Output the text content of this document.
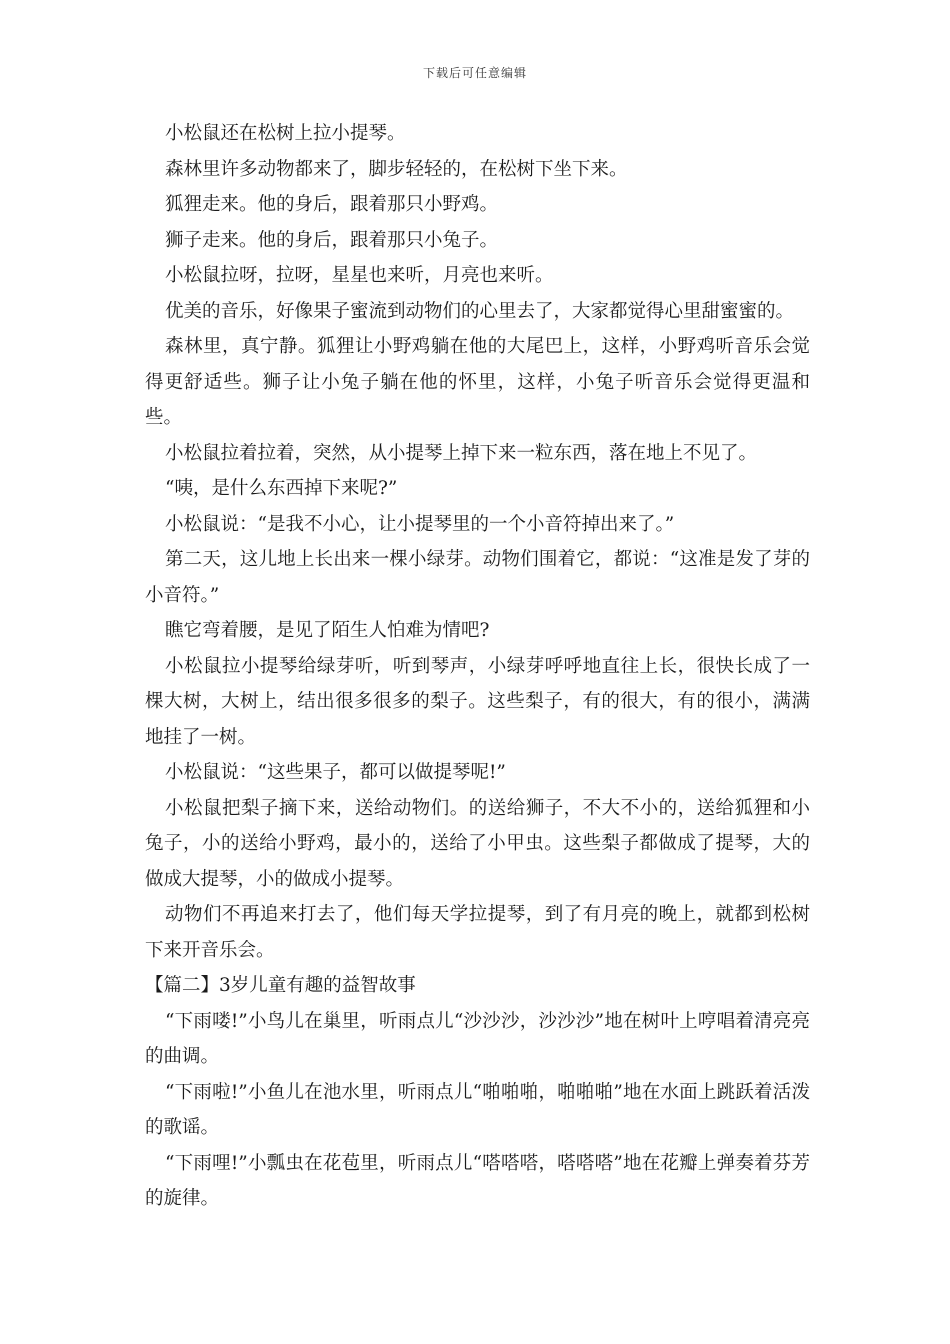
下载后可任意编辑

小松鼠还在松树上拉小提琴。

森林里许多动物都来了，脚步轻轻的，在松树下坐下来。

狐狸走来。他的身后，跟着那只小野鸡。

狮子走来。他的身后，跟着那只小兔子。

小松鼠拉呀，拉呀，星星也来听，月亮也来听。

优美的音乐，好像果子蜜流到动物们的心里去了，大家都觉得心里甜蜜蜜的。

森林里，真宁静。狐狸让小野鸡躺在他的大尾巴上，这样，小野鸡听音乐会觉得更舒适些。狮子让小兔子躺在他的怀里，这样，小兔子听音乐会觉得更温和些。

小松鼠拉着拉着，突然，从小提琴上掉下来一粒东西，落在地上不见了。

“咦，是什么东西掉下来呢?”

小松鼠说：“是我不小心，让小提琴里的一个小音符掉出来了。”

第二天，这儿地上长出来一棵小绿芽。动物们围着它，都说：“这准是发了芽的小音符。”

瞧它弯着腰，是见了陌生人怕难为情吧?

小松鼠拉小提琴给绿芽听，听到琴声，小绿芽呼呼地直往上长，很快长成了一棵大树，大树上，结出很多很多的梨子。这些梨子，有的很大，有的很小，满满地挂了一树。

小松鼠说：“这些果子，都可以做提琴呢!”

小松鼠把梨子摘下来，送给动物们。的送给狮子，不大不小的，送给狐狸和小兔子，小的送给小野鸡，最小的，送给了小甲虫。这些梨子都做成了提琴，大的做成大提琴，小的做成小提琴。

动物们不再追来打去了，他们每天学拉提琴，到了有月亮的晚上，就都到松树下来开音乐会。

【篇二】3岁儿童有趣的益智故事

“下雨喽!”小鸟儿在巢里，听雨点儿“沙沙沙，沙沙沙”地在树叶上哼唱着清亮亮的曲调。

“下雨啦!”小鱼儿在池水里，听雨点儿“啪啪啪，啪啪啪”地在水面上跳跃着活泼的歌谣。

“下雨哩!”小瓢虫在花苞里，听雨点儿“嗒嗒嗒，嗒嗒嗒”地在花瓣上弹奏着芬芳的旋律。
